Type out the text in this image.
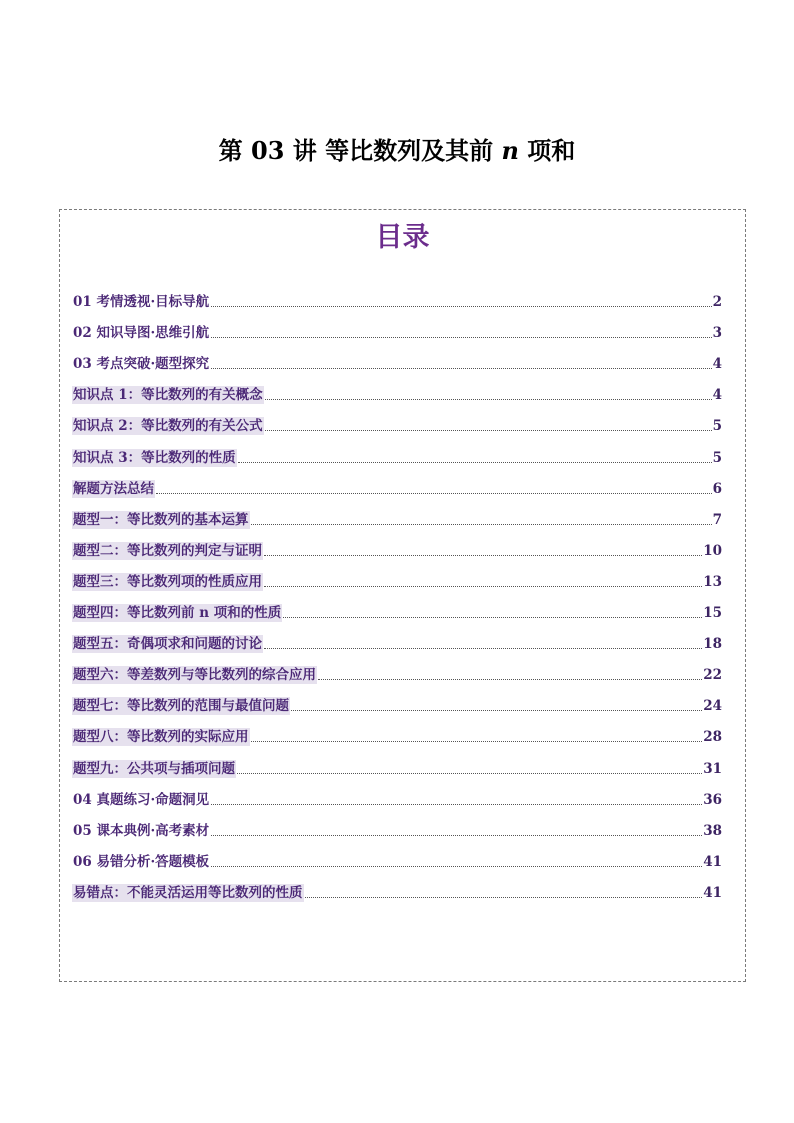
第 03 讲 等比数列及其前 n 项和
目录
01 考情透视·目标导航	2
02 知识导图·思维引航	3
03 考点突破·题型探究	4
知识点 1：等比数列的有关概念	4
知识点 2：等比数列的有关公式	5
知识点 3：等比数列的性质	5
解题方法总结	6
题型一：等比数列的基本运算	7
题型二：等比数列的判定与证明	10
题型三：等比数列项的性质应用	13
题型四：等比数列前 n 项和的性质	15
题型五：奇偶项求和问题的讨论	18
题型六：等差数列与等比数列的综合应用	22
题型七：等比数列的范围与最值问题	24
题型八：等比数列的实际应用	28
题型九：公共项与插项问题	31
04 真题练习·命题洞见	36
05 课本典例·高考素材	38
06 易错分析·答题模板	41
易错点：不能灵活运用等比数列的性质	41
